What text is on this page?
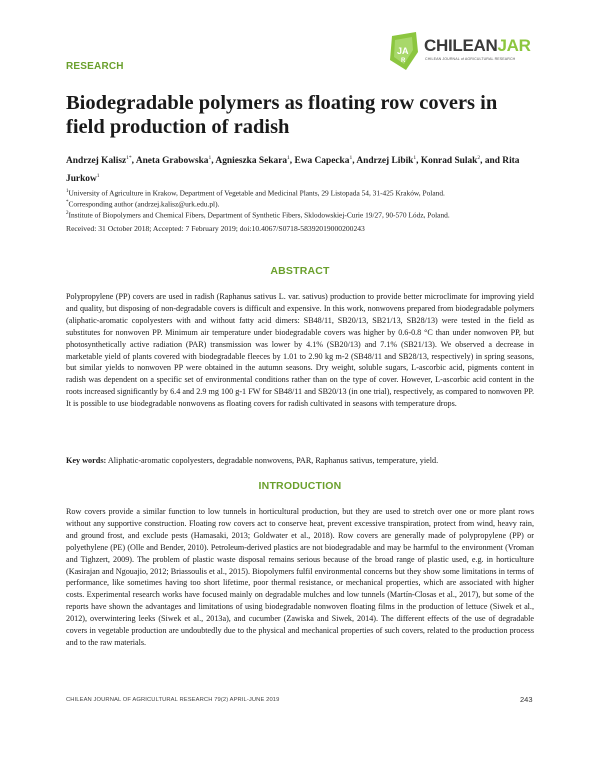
JA
R
CHILEANJAR
CHILEAN JOURNAL of AGRICULTURAL RESEARCH
RESEARCH
Biodegradable polymers as floating row covers in field production of radish
Andrzej Kalisz$^{1*}$, Aneta Grabowska$^1$, Agnieszka Sekara$^1$, Ewa Capecka$^1$, Andrzej Libik$^1$, Konrad Sulak$^2$, and Rita Jurkow$^1$
$^1$University of Agriculture in Krakow, Department of Vegetable and Medicinal Plants, 29 Listopada 54, 31-425 Kraków, Poland.
*Corresponding author (andrzej.kalisz@urk.edu.pl).
$^2$Institute of Biopolymers and Chemical Fibers, Department of Synthetic Fibers, Sklodowskiej-Curie 19/27, 90-570 Lódz, Poland.
Received: 31 October 2018; Accepted: 7 February 2019; doi:10.4067/S0718-58392019000200243
ABSTRACT

Polypropylene (PP) covers are used in radish (Raphanus sativus L. var. sativus) production to provide better microclimate for improving yield and quality, but disposing of non-degradable covers is difficult and expensive. In this work, nonwovens prepared from biodegradable polymers (aliphatic-aromatic copolyesters with and without fatty acid dimers: SB48/11, SB20/13, SB21/13, SB28/13) were tested in the field as substitutes for nonwoven PP. Minimum air temperature under biodegradable covers was higher by 0.6-0.8 °C than under nonwoven PP, but photosynthetically active radiation (PAR) transmission was lower by 4.1% (SB20/13) and 7.1% (SB21/13). We observed a decrease in marketable yield of plants covered with biodegradable fleeces by 1.01 to 2.90 kg m-2 (SB48/11 and SB28/13, respectively) in spring seasons, but similar yields to nonwoven PP were obtained in the autumn seasons. Dry weight, soluble sugars, L-ascorbic acid, pigments content in radish was dependent on a specific set of environmental conditions rather than on the type of cover. However, L-ascorbic acid content in the roots increased significantly by 6.4 and 2.9 mg 100 g-1 FW for SB48/11 and SB20/13 (in one trial), respectively, as compared to nonwoven PP. It is possible to use biodegradable nonwovens as floating covers for radish cultivated in seasons with temperature drops.

Key words: Aliphatic-aromatic copolyesters, degradable nonwovens, PAR, Raphanus sativus, temperature, yield.
INTRODUCTION

Row covers provide a similar function to low tunnels in horticultural production, but they are used to stretch over one or more plant rows without any supportive construction. Floating row covers act to conserve heat, prevent excessive transpiration, protect from wind, heavy rain, and ground frost, and exclude pests (Hamasaki, 2013; Goldwater et al., 2018). Row covers are generally made of polypropylene (PP) or polyethylene (PE) (Olle and Bender, 2010). Petroleum-derived plastics are not biodegradable and may be harmful to the environment (Vroman and Tighzert, 2009). The problem of plastic waste disposal remains serious because of the broad range of plastic used, e.g. in horticulture (Kasirajan and Ngouajio, 2012; Briassoulis et al., 2015). Biopolymers fulfil environmental concerns but they show some limitations in terms of performance, like sometimes having too short lifetime, poor thermal resistance, or mechanical properties, which are associated with higher costs. Experimental research works have focused mainly on degradable mulches and low tunnels (Martín-Closas et al., 2017), but some of the reports have shown the advantages and limitations of using biodegradable nonwoven floating films in the production of lettuce (Siwek et al., 2012), overwintering leeks (Siwek et al., 2013a), and cucumber (Zawiska and Siwek, 2014). The different effects of the use of degradable covers in vegetable production are undoubtedly due to the physical and mechanical properties of such covers, related to the production process and to the raw materials.

CHILEAN JOURNAL OF AGRICULTURAL RESEARCH 79(2) APRIL-JUNE 2019	243
